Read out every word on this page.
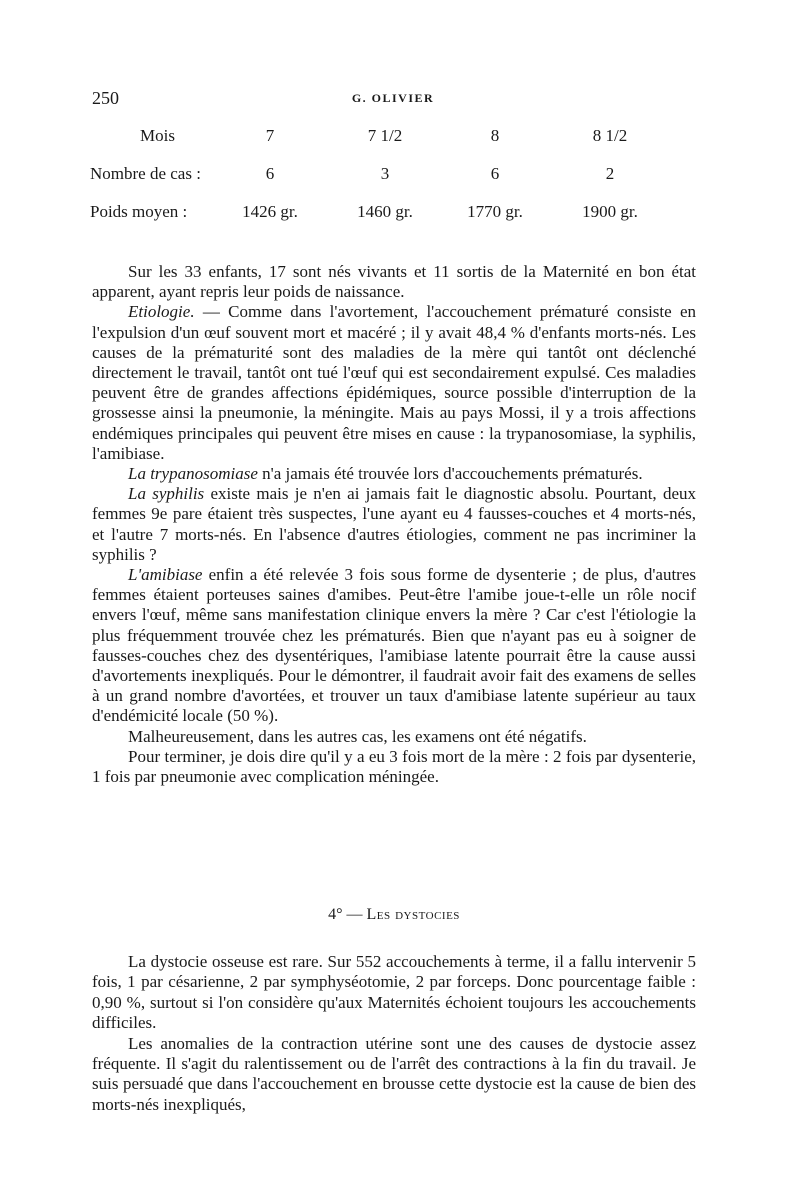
250	G. OLIVIER
Mois	7	7 1/2	8	8 1/2
Nombre de cas :	6	3	6	2
Poids moyen :	1426 gr.	1460 gr.	1770 gr.	1900 gr.

Sur les 33 enfants, 17 sont nés vivants et 11 sortis de la Maternité en bon état apparent, ayant repris leur poids de naissance.

Etiologie. — Comme dans l'avortement, l'accouchement prématuré consiste en l'expulsion d'un œuf souvent mort et macéré ; il y avait 48,4 % d'enfants morts-nés. Les causes de la prématurité sont des maladies de la mère qui tantôt ont déclenché directement le travail, tantôt ont tué l'œuf qui est secondairement expulsé. Ces maladies peuvent être de grandes affections épidémiques, source possible d'interruption de la grossesse ainsi la pneumonie, la méningite. Mais au pays Mossi, il y a trois affections endémiques principales qui peuvent être mises en cause : la trypanosomiase, la syphilis, l'amibiase.

La trypanosomiase n'a jamais été trouvée lors d'accouchements prématurés.

La syphilis existe mais je n'en ai jamais fait le diagnostic absolu. Pourtant, deux femmes 9e pare étaient très suspectes, l'une ayant eu 4 fausses-couches et 4 morts-nés, et l'autre 7 morts-nés. En l'absence d'autres étiologies, comment ne pas incriminer la syphilis ?

L'amibiase enfin a été relevée 3 fois sous forme de dysenterie ; de plus, d'autres femmes étaient porteuses saines d'amibes. Peut-être l'amibe joue-t-elle un rôle nocif envers l'œuf, même sans manifestation clinique envers la mère ? Car c'est l'étiologie la plus fréquemment trouvée chez les prématurés. Bien que n'ayant pas eu à soigner de fausses-couches chez des dysentériques, l'amibiase latente pourrait être la cause aussi d'avortements inexpliqués. Pour le démontrer, il faudrait avoir fait des examens de selles à un grand nombre d'avortées, et trouver un taux d'amibiase latente supérieur au taux d'endémicité locale (50 %).

Malheureusement, dans les autres cas, les examens ont été négatifs.

Pour terminer, je dois dire qu'il y a eu 3 fois mort de la mère : 2 fois par dysenterie, 1 fois par pneumonie avec complication méningée.

4° — Les dystocies

La dystocie osseuse est rare. Sur 552 accouchements à terme, il a fallu intervenir 5 fois, 1 par césarienne, 2 par symphyséotomie, 2 par forceps. Donc pourcentage faible : 0,90 %, surtout si l'on considère qu'aux Maternités échoient toujours les accouchements difficiles.

Les anomalies de la contraction utérine sont une des causes de dystocie assez fréquente. Il s'agit du ralentissement ou de l'arrêt des contractions à la fin du travail. Je suis persuadé que dans l'accouchement en brousse cette dystocie est la cause de bien des morts-nés inexpliqués,
